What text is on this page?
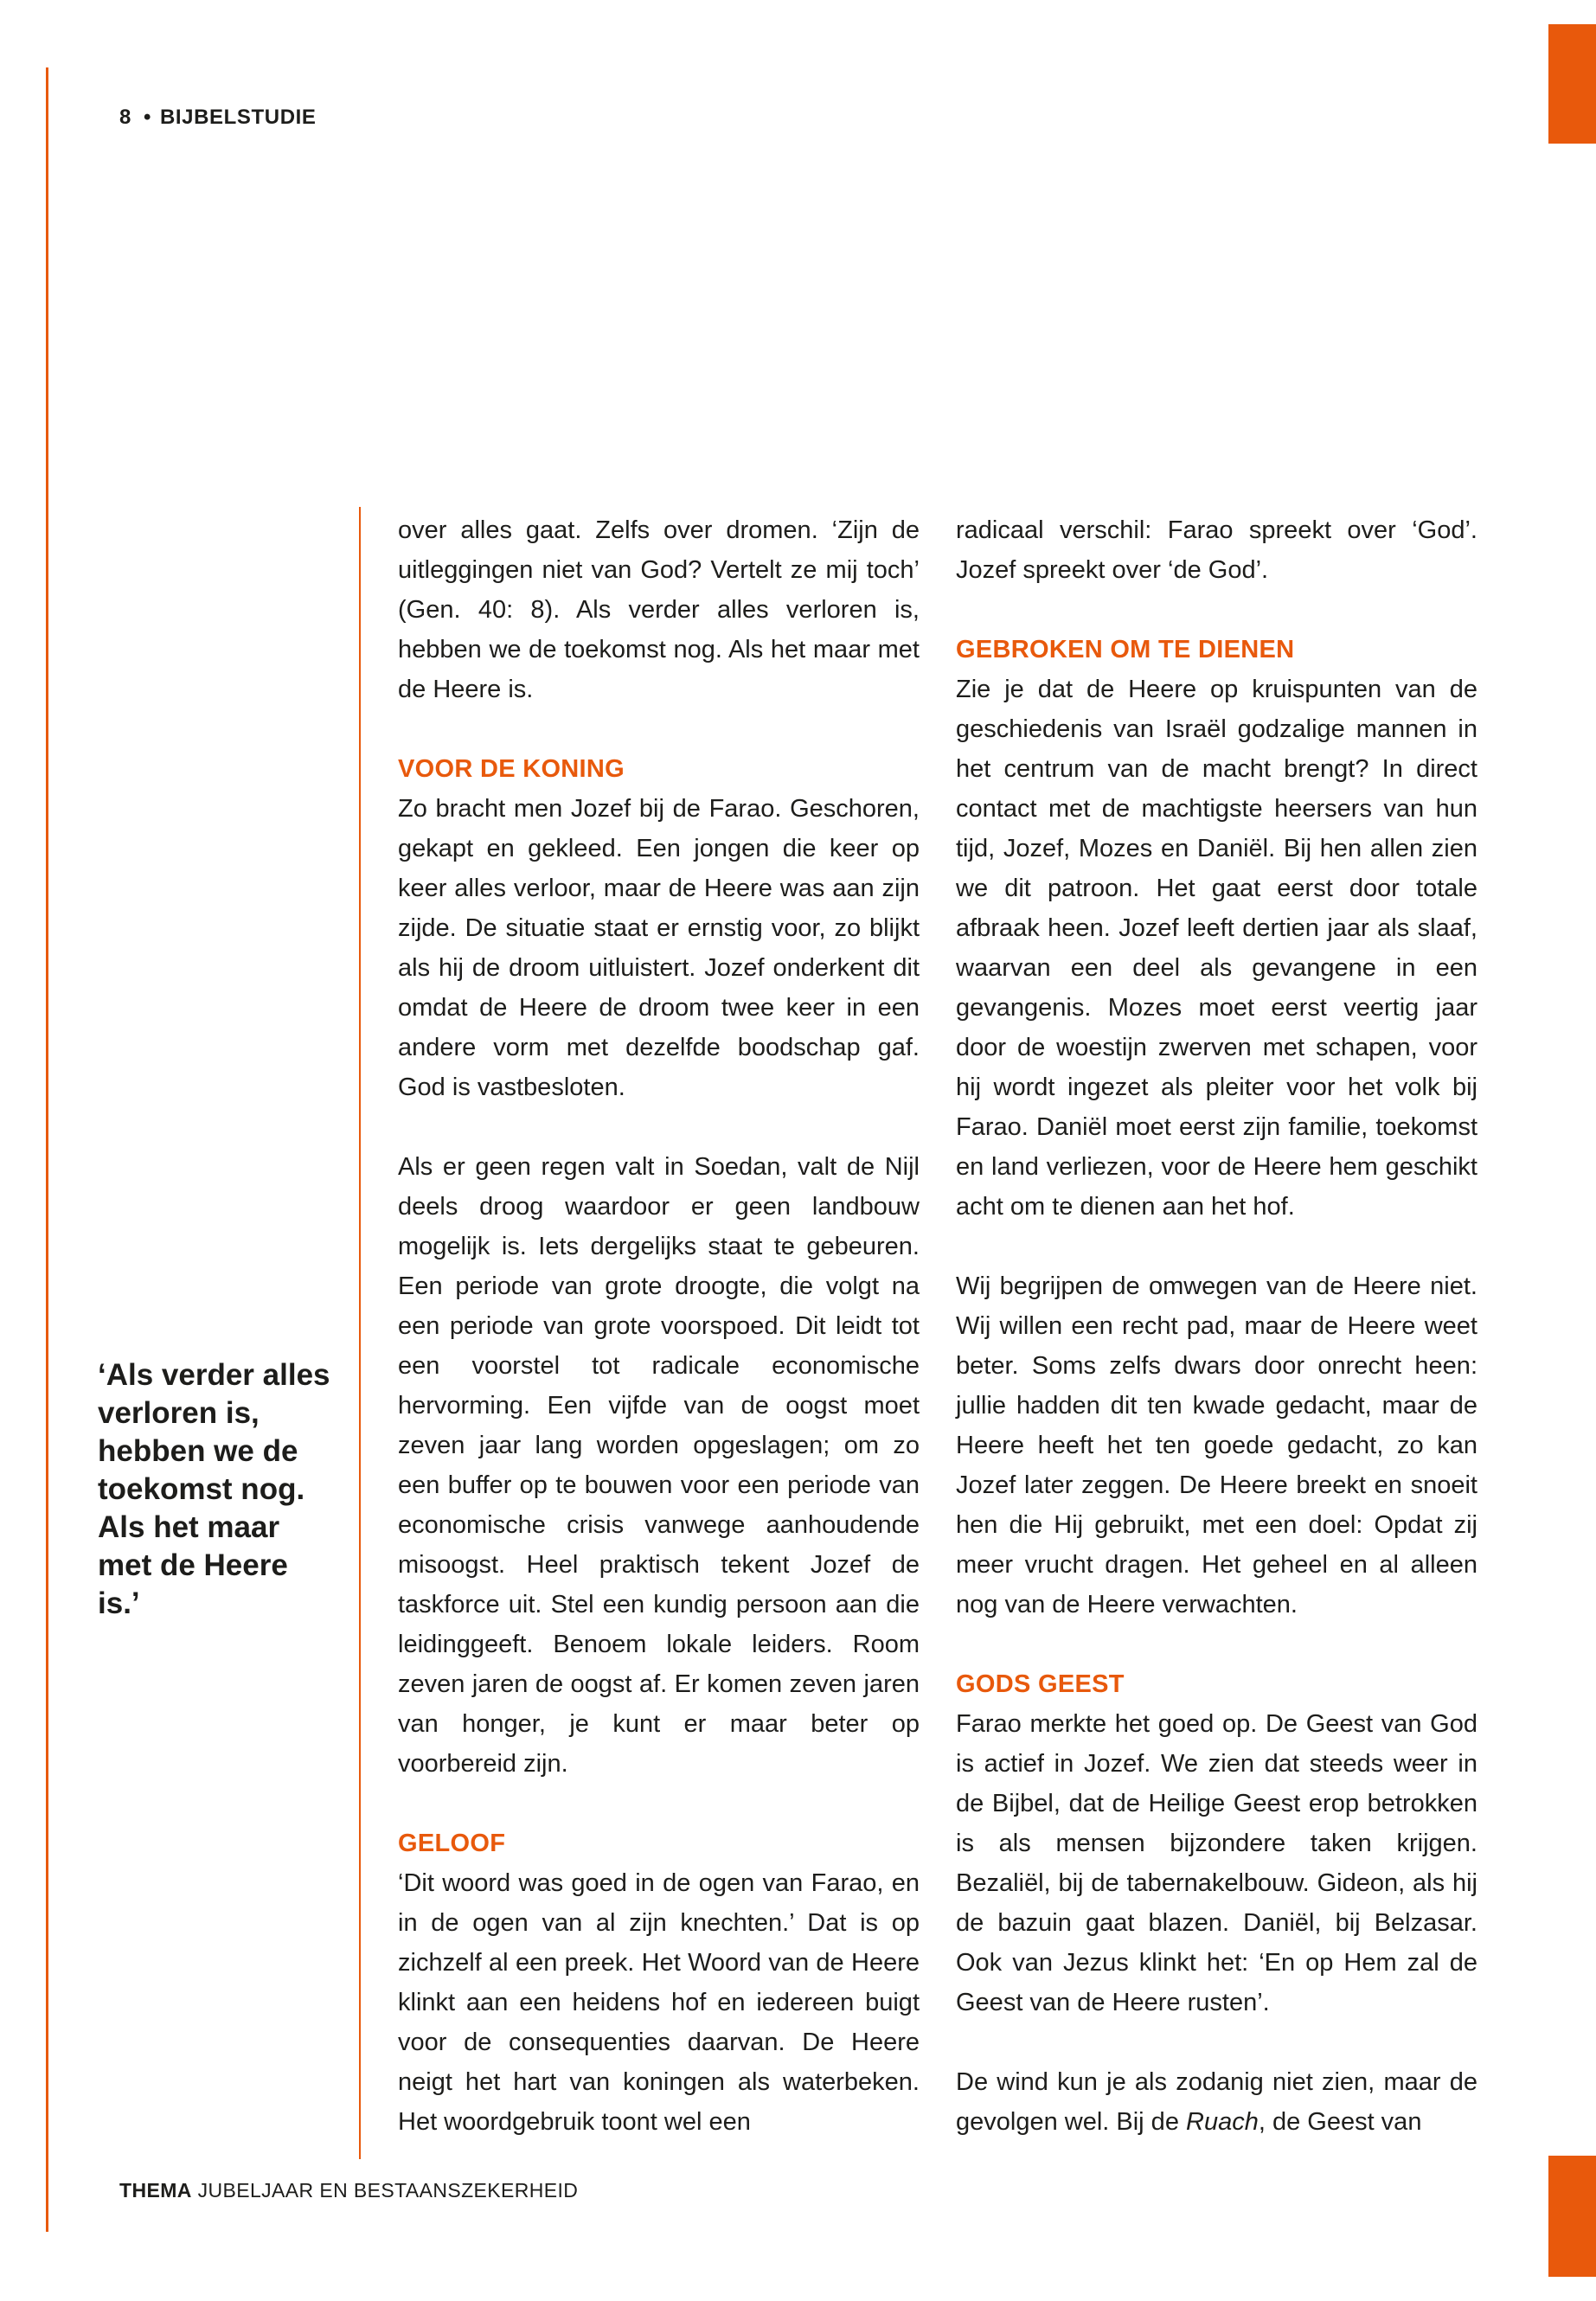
8 • BIJBELSTUDIE
‘Als verder alles verloren is, hebben we de toekomst nog. Als het maar met de Heere is.’

over alles gaat. Zelfs over dromen. ‘Zijn de uitleggingen niet van God? Vertelt ze mij toch’ (Gen. 40: 8). Als verder alles verloren is, hebben we de toekomst nog. Als het maar met de Heere is.

VOOR DE KONING

Zo bracht men Jozef bij de Farao. Geschoren, gekapt en gekleed. Een jongen die keer op keer alles verloor, maar de Heere was aan zijn zijde. De situatie staat er ernstig voor, zo blijkt als hij de droom uitluistert. Jozef onderkent dit omdat de Heere de droom twee keer in een andere vorm met dezelfde boodschap gaf. God is vastbesloten.

Als er geen regen valt in Soedan, valt de Nijl deels droog waardoor er geen landbouw mogelijk is. Iets dergelijks staat te gebeuren. Een periode van grote droogte, die volgt na een periode van grote voorspoed. Dit leidt tot een voorstel tot radicale economische hervorming. Een vijfde van de oogst moet zeven jaar lang worden opgeslagen; om zo een buffer op te bouwen voor een periode van economische crisis vanwege aanhoudende misoogst. Heel praktisch tekent Jozef de taskforce uit. Stel een kundig persoon aan die leidinggeeft. Benoem lokale leiders. Room zeven jaren de oogst af. Er komen zeven jaren van honger, je kunt er maar beter op voorbereid zijn.

GELOOF

‘Dit woord was goed in de ogen van Farao, en in de ogen van al zijn knechten.’ Dat is op zichzelf al een preek. Het Woord van de Heere klinkt aan een heidens hof en iedereen buigt voor de consequenties daarvan. De Heere neigt het hart van koningen als waterbeken. Het woordgebruik toont wel een

radicaal verschil: Farao spreekt over ‘God’. Jozef spreekt over ‘de God’.

GEBROKEN OM TE DIENEN

Zie je dat de Heere op kruispunten van de geschiedenis van Israël godzalige mannen in het centrum van de macht brengt? In direct contact met de machtigste heersers van hun tijd, Jozef, Mozes en Daniël. Bij hen allen zien we dit patroon. Het gaat eerst door totale afbraak heen. Jozef leeft dertien jaar als slaaf, waarvan een deel als gevangene in een gevangenis. Mozes moet eerst veertig jaar door de woestijn zwerven met schapen, voor hij wordt ingezet als pleiter voor het volk bij Farao. Daniël moet eerst zijn familie, toekomst en land verliezen, voor de Heere hem geschikt acht om te dienen aan het hof.

Wij begrijpen de omwegen van de Heere niet. Wij willen een recht pad, maar de Heere weet beter. Soms zelfs dwars door onrecht heen: jullie hadden dit ten kwade gedacht, maar de Heere heeft het ten goede gedacht, zo kan Jozef later zeggen. De Heere breekt en snoeit hen die Hij gebruikt, met een doel: Opdat zij meer vrucht dragen. Het geheel en al alleen nog van de Heere verwachten.

GODS GEEST

Farao merkte het goed op. De Geest van God is actief in Jozef. We zien dat steeds weer in de Bijbel, dat de Heilige Geest erop betrokken is als mensen bijzondere taken krijgen. Bezaliël, bij de tabernakelbouw. Gideon, als hij de bazuin gaat blazen. Daniël, bij Belzasar. Ook van Jezus klinkt het: ‘En op Hem zal de Geest van de Heere rusten’.

De wind kun je als zodanig niet zien, maar de gevolgen wel. Bij de Ruach, de Geest van

THEMA JUBELJAAR EN BESTAANSZEKERHEID
